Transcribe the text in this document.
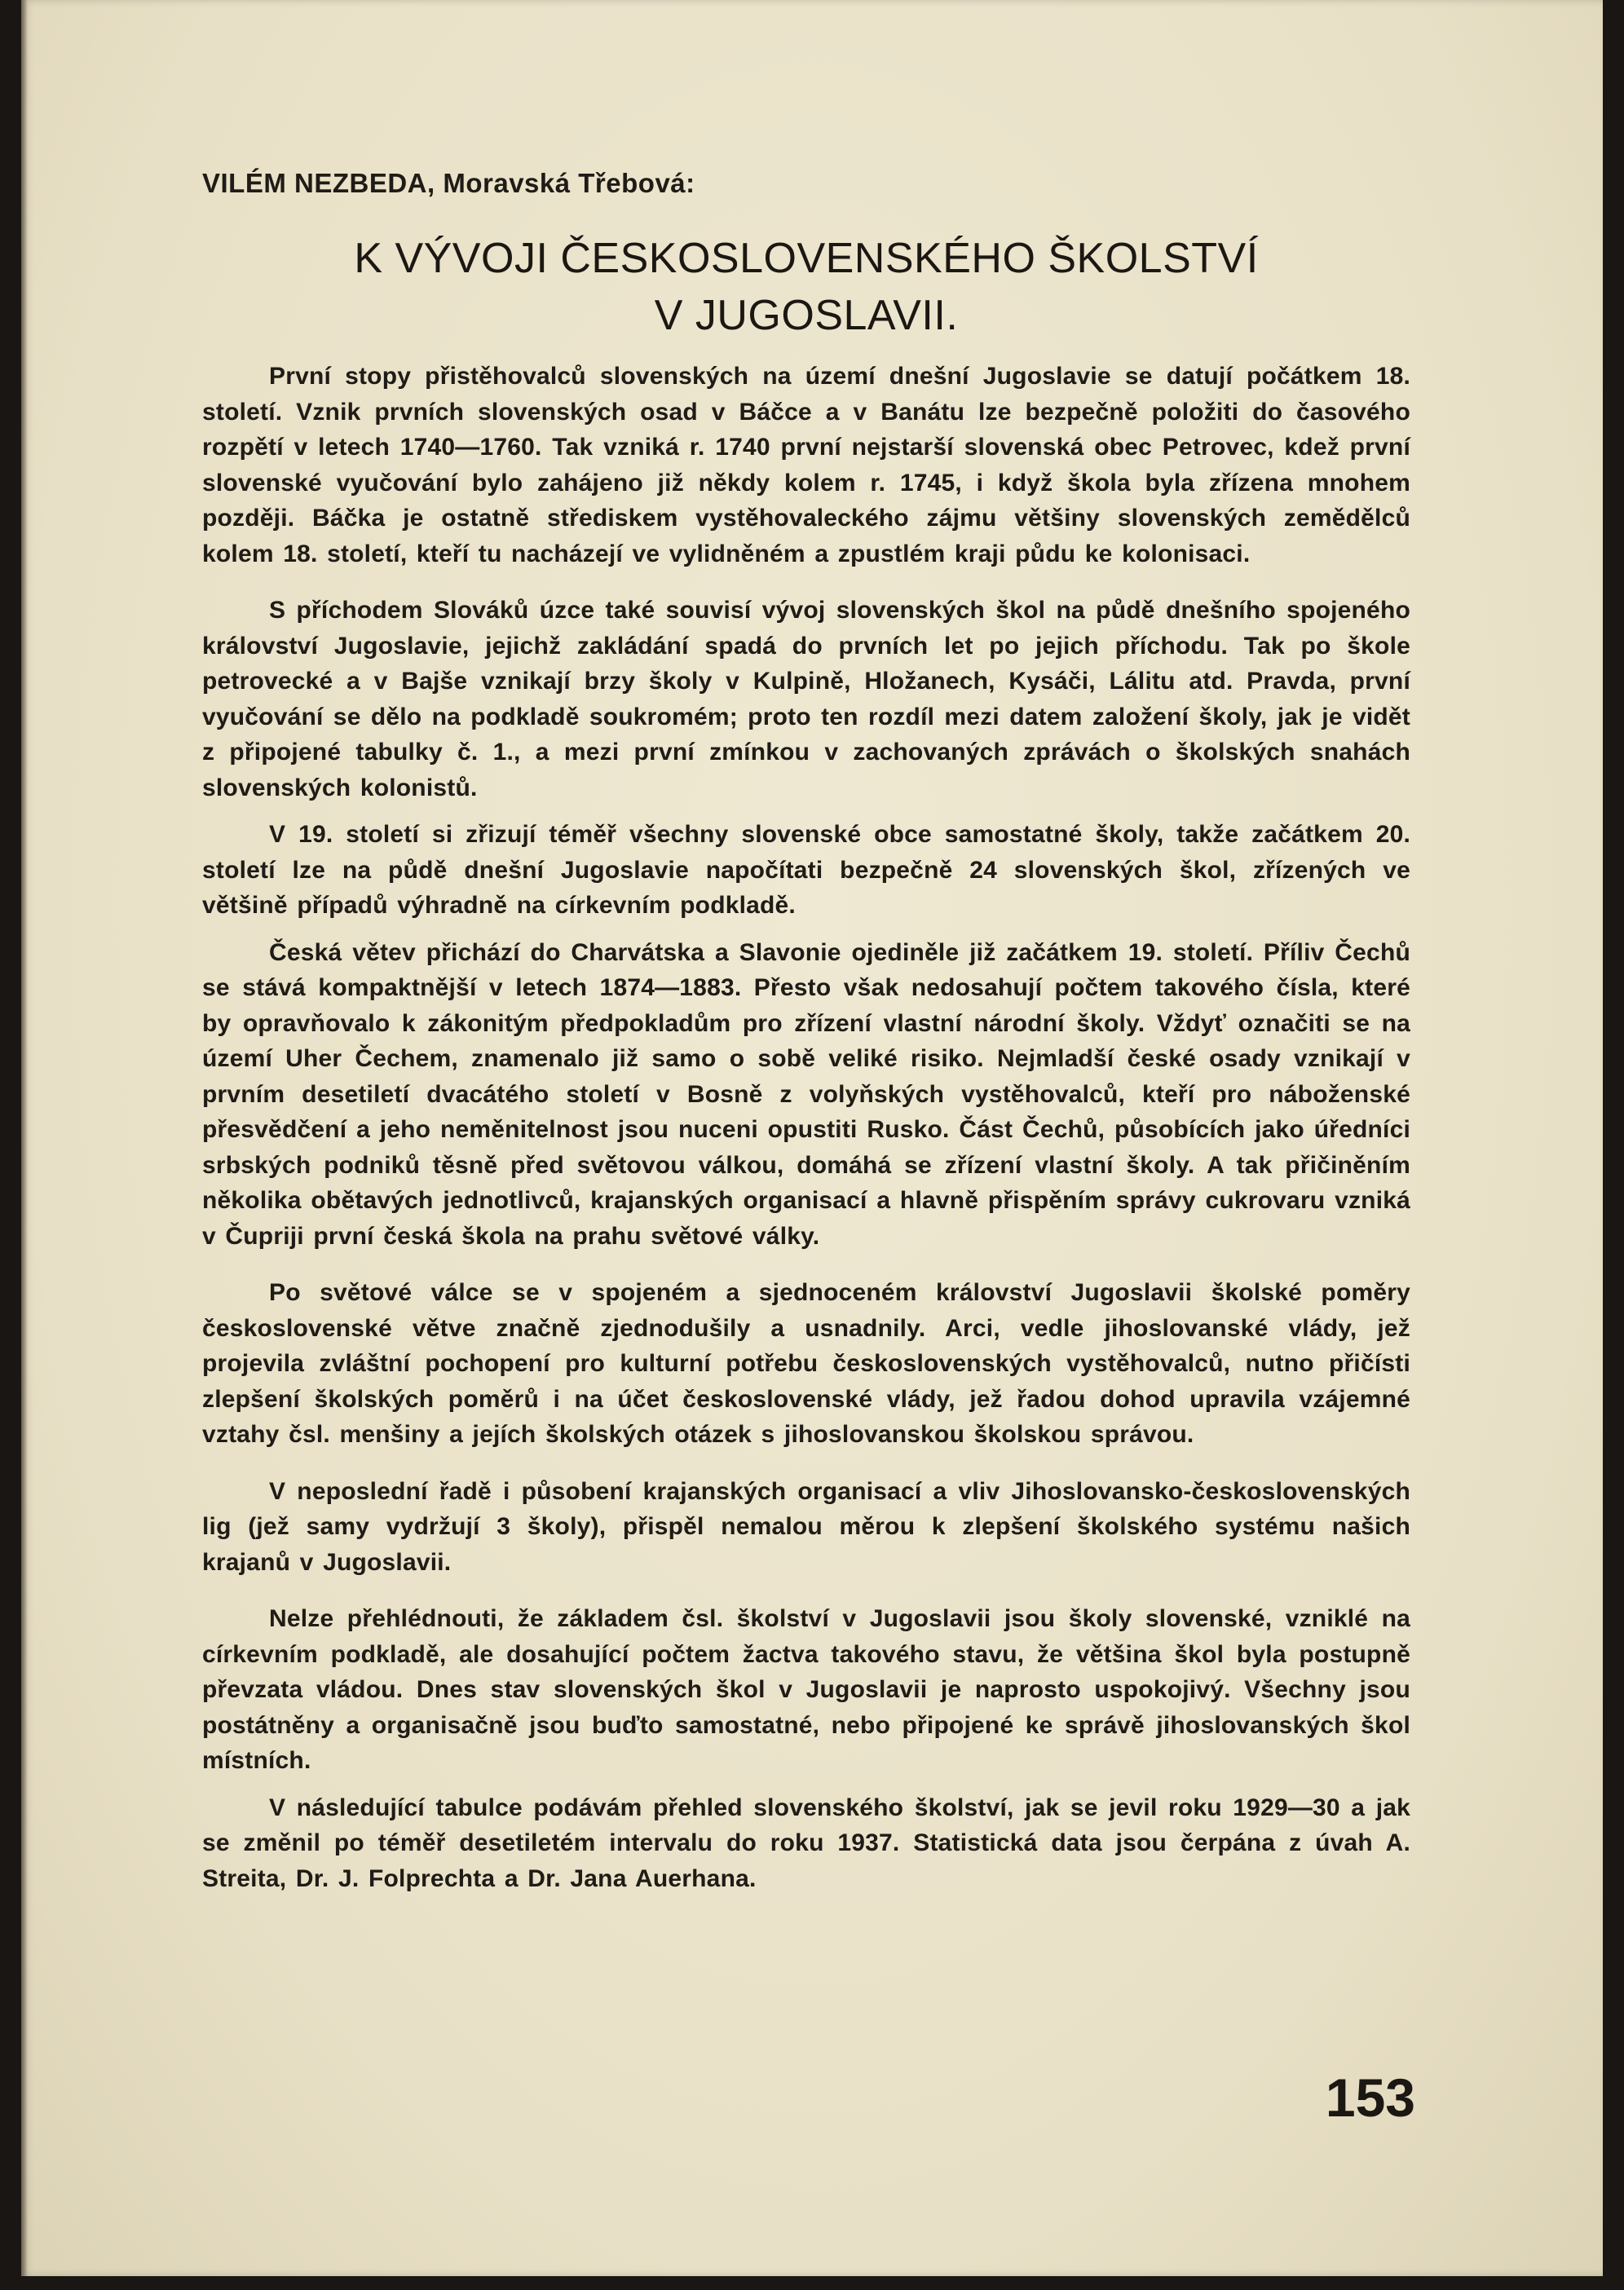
VILÉM NEZBEDA, Moravská Třebová:
K VÝVOJI ČESKOSLOVENSKÉHO ŠKOLSTVÍ
V JUGOSLAVII.

První stopy přistěhovalců slovenských na území dnešní Jugoslavie se datují počátkem 18. století. Vznik prvních slovenských osad v Báčce a v Banátu lze bezpečně položiti do časového rozpětí v letech 1740—1760. Tak vzniká r. 1740 první nejstarší slovenská obec Petrovec, kdež první slovenské vyučování bylo zahájeno již někdy kolem r. 1745, i když škola byla zřízena mnohem později. Báčka je ostatně střediskem vystěhovaleckého zájmu většiny slovenských zemědělců kolem 18. století, kteří tu nacházejí ve vylidněném a zpustlém kraji půdu ke kolonisaci.

S příchodem Slováků úzce také souvisí vývoj slovenských škol na půdě dnešního spojeného království Jugoslavie, jejichž zakládání spadá do prvních let po jejich příchodu. Tak po škole petrovecké a v Bajše vznikají brzy školy v Kulpině, Hložanech, Kysáči, Lálitu atd. Pravda, první vyučování se dělo na podkladě soukromém; proto ten rozdíl mezi datem založení školy, jak je vidět z připojené tabulky č. 1., a mezi první zmínkou v zachovaných zprávách o školských snahách slovenských kolonistů.

V 19. století si zřizují téměř všechny slovenské obce samostatné školy, takže začátkem 20. století lze na půdě dnešní Jugoslavie napočítati bezpečně 24 slovenských škol, zřízených ve většině případů výhradně na církevním podkladě.

Česká větev přichází do Charvátska a Slavonie ojediněle již začátkem 19. století. Příliv Čechů se stává kompaktnější v letech 1874—1883. Přesto však nedosahují počtem takového čísla, které by opravňovalo k zákonitým předpokladům pro zřízení vlastní národní školy. Vždyť označiti se na území Uher Čechem, znamenalo již samo o sobě veliké risiko. Nejmladší české osady vznikají v prvním desetiletí dvacátého století v Bosně z volyňských vystěhovalců, kteří pro náboženské přesvědčení a jeho neměnitelnost jsou nuceni opustiti Rusko. Část Čechů, působících jako úředníci srbských podniků těsně před světovou válkou, domáhá se zřízení vlastní školy. A tak přičiněním několika obětavých jednotlivců, krajanských organisací a hlavně přispěním správy cukrovaru vzniká v Čupriji první česká škola na prahu světové války.

Po světové válce se v spojeném a sjednoceném království Jugoslavii školské poměry československé větve značně zjednodušily a usnadnily. Arci, vedle jihoslovanské vlády, jež projevila zvláštní pochopení pro kulturní potřebu československých vystěhovalců, nutno přičísti zlepšení školských poměrů i na účet československé vlády, jež řadou dohod upravila vzájemné vztahy čsl. menšiny a jejích školských otázek s jihoslovanskou školskou správou.

V neposlední řadě i působení krajanských organisací a vliv Jihoslovansko-československých lig (jež samy vydržují 3 školy), přispěl nemalou měrou k zlepšení školského systému našich krajanů v Jugoslavii.

Nelze přehlédnouti, že základem čsl. školství v Jugoslavii jsou školy slovenské, vzniklé na církevním podkladě, ale dosahující počtem žactva takového stavu, že většina škol byla postupně převzata vládou. Dnes stav slovenských škol v Jugoslavii je naprosto uspokojivý. Všechny jsou postátněny a organisačně jsou buďto samostatné, nebo připojené ke správě jihoslovanských škol místních.

V následující tabulce podávám přehled slovenského školství, jak se jevil roku 1929—30 a jak se změnil po téměř desetiletém intervalu do roku 1937. Statistická data jsou čerpána z úvah A. Streita, Dr. J. Folprechta a Dr. Jana Auerhana.

153
